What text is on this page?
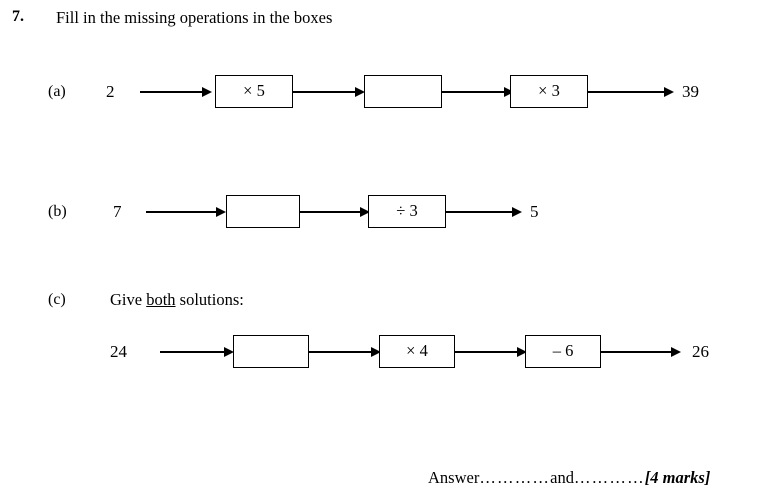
7. Fill in the missing operations in the boxes
(a) 2	× 5	× 3	39
(b)	7	÷ 3	5
(c)	Give both solutions:
24	× 4	– 6	26
Answer…………and…………[4 marks]
